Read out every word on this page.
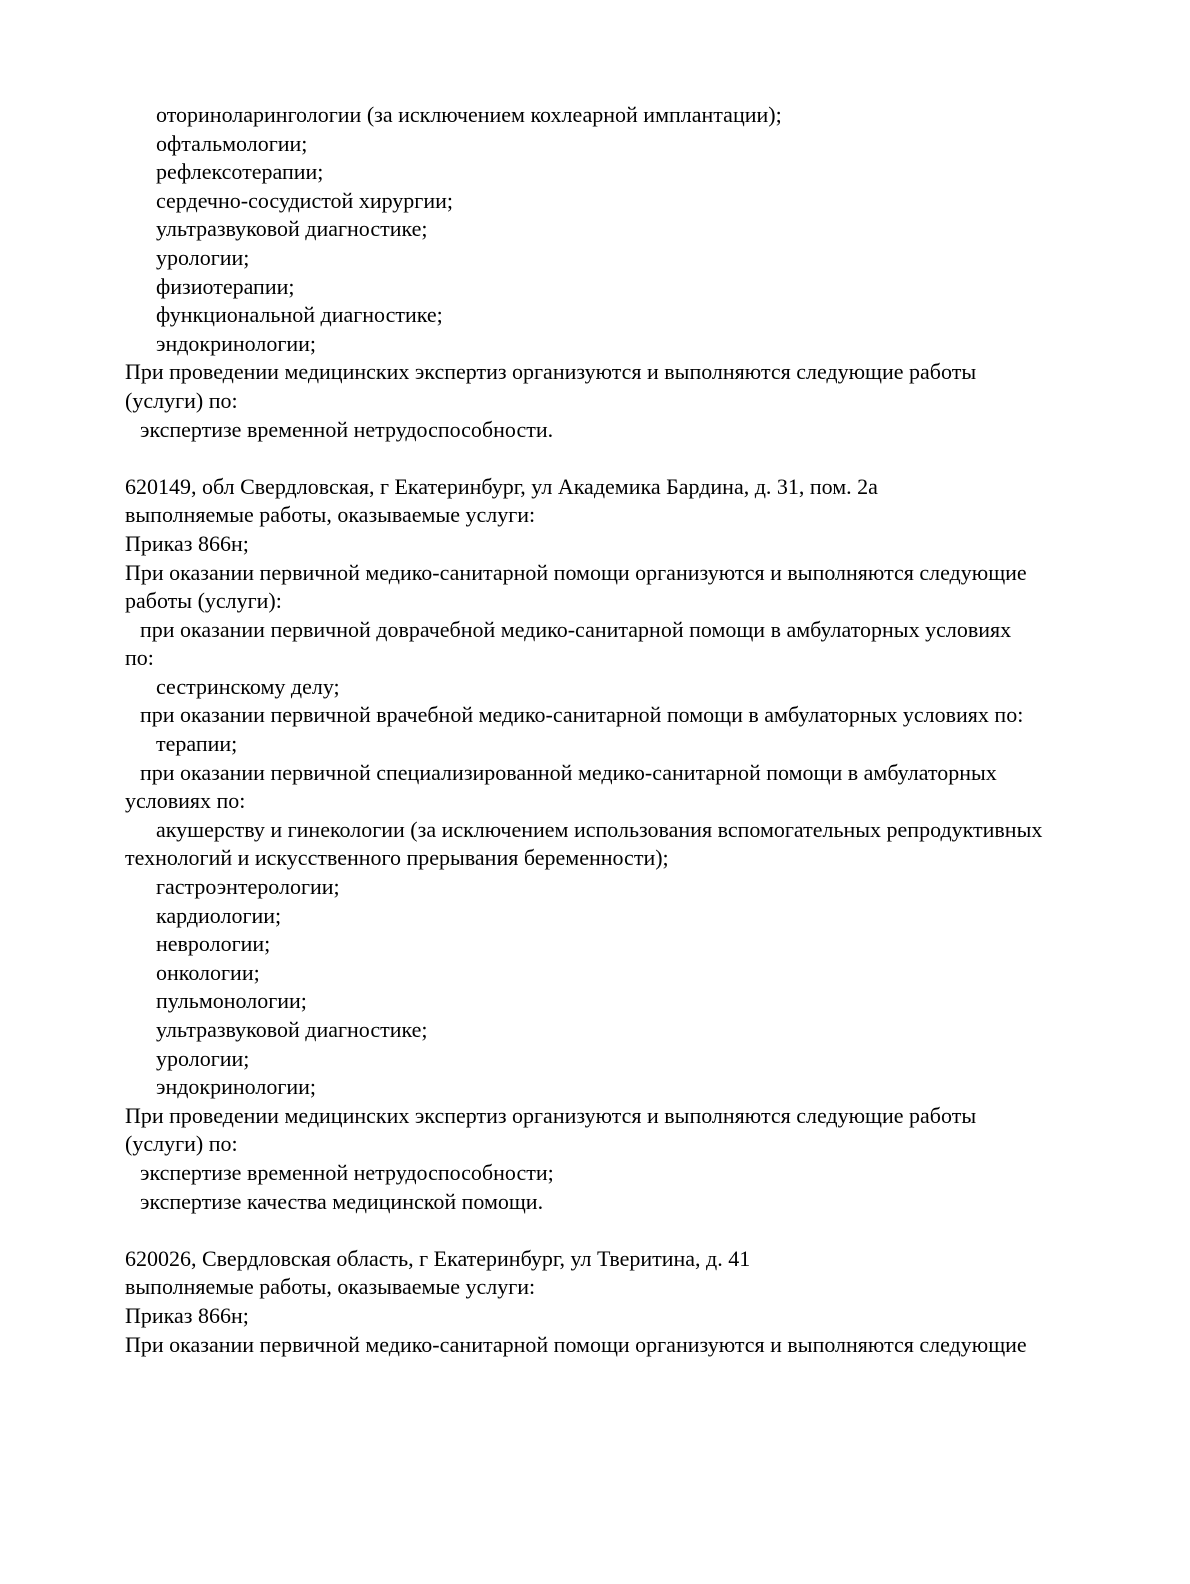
оториноларингологии (за исключением кохлеарной имплантации);
офтальмологии;
рефлексотерапии;
сердечно-сосудистой хирургии;
ультразвуковой диагностике;
урологии;
физиотерапии;
функциональной диагностике;
эндокринологии;
При проведении медицинских экспертиз организуются и выполняются следующие работы
(услуги) по:
экспертизе временной нетрудоспособности.

620149, обл Свердловская, г Екатеринбург, ул Академика Бардина, д. 31, пом. 2а
выполняемые работы, оказываемые услуги:
Приказ 866н;
При оказании первичной медико-санитарной помощи организуются и выполняются следующие
работы (услуги):
при оказании первичной доврачебной медико-санитарной помощи в амбулаторных условиях
по:
сестринскому делу;
при оказании первичной врачебной медико-санитарной помощи в амбулаторных условиях по:
терапии;
при оказании первичной специализированной медико-санитарной помощи в амбулаторных
условиях по:
акушерству и гинекологии (за исключением использования вспомогательных репродуктивных
технологий и искусственного прерывания беременности);
гастроэнтерологии;
кардиологии;
неврологии;
онкологии;
пульмонологии;
ультразвуковой диагностике;
урологии;
эндокринологии;
При проведении медицинских экспертиз организуются и выполняются следующие работы
(услуги) по:
экспертизе временной нетрудоспособности;
экспертизе качества медицинской помощи.

620026, Свердловская область, г Екатеринбург, ул Тверитина, д. 41
выполняемые работы, оказываемые услуги:
Приказ 866н;
При оказании первичной медико-санитарной помощи организуются и выполняются следующие
